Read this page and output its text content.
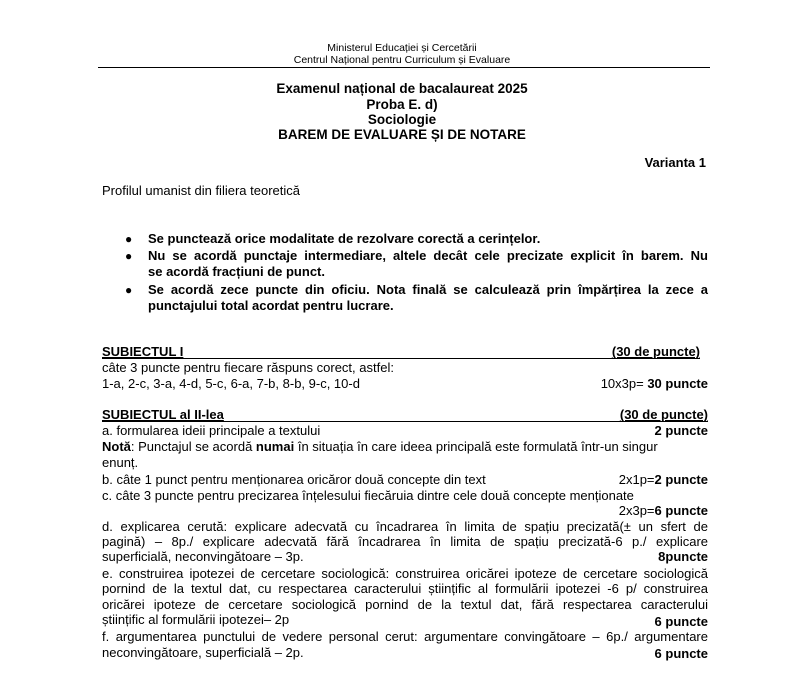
Ministerul Educației și Cercetării
Centrul Național pentru Curriculum și Evaluare
Examenul național de bacalaureat 2025
Proba E. d)
Sociologie
BAREM DE EVALUARE ȘI DE NOTARE
Varianta 1
Profilul umanist din filiera teoretică
● Se punctează orice modalitate de rezolvare corectă a cerințelor.
● Nu se acordă punctaje intermediare, altele decât cele precizate explicit în barem. Nu
se acordă fracțiuni de punct.
● Se acordă zece puncte din oficiu. Nota finală se calculează prin împărțirea la zece a
punctajului total acordat pentru lucrare.
SUBIECTUL I	(30 de puncte)
câte 3 puncte pentru fiecare răspuns corect, astfel:
1-a, 2-c, 3-a, 4-d, 5-c, 6-a, 7-b, 8-b, 9-c, 10-d	10x3p= 30 puncte
SUBIECTUL al II-lea	(30 de puncte)
a. formularea ideii principale a textului	2 puncte
Notă: Punctajul se acordă numai în situația în care ideea principală este formulată într-un singur
enunț.
b. câte 1 punct pentru menționarea oricăror două concepte din text	2x1p=2 puncte
c. câte 3 puncte pentru precizarea înțelesului fiecăruia dintre cele două concepte menționate
2x3p=6 puncte
d. explicarea cerută: explicare adecvată cu încadrarea în limita de spațiu precizată(± un sfert de
pagină) – 8p./ explicare adecvată fără încadrarea în limita de spațiu precizată-6 p./ explicare
superficială, neconvingătoare – 3p.	8puncte
e. construirea ipotezei de cercetare sociologică: construirea oricărei ipoteze de cercetare sociologică
pornind de la textul dat, cu respectarea caracterului științific al formulării ipotezei -6 p/ construirea
oricărei ipoteze de cercetare sociologică pornind de la textul dat, fără respectarea caracterului
științific al formulării ipotezei– 2p	6 puncte
f. argumentarea punctului de vedere personal cerut: argumentare convingătoare – 6p./ argumentare
neconvingătoare, superficială – 2p.	6 puncte
